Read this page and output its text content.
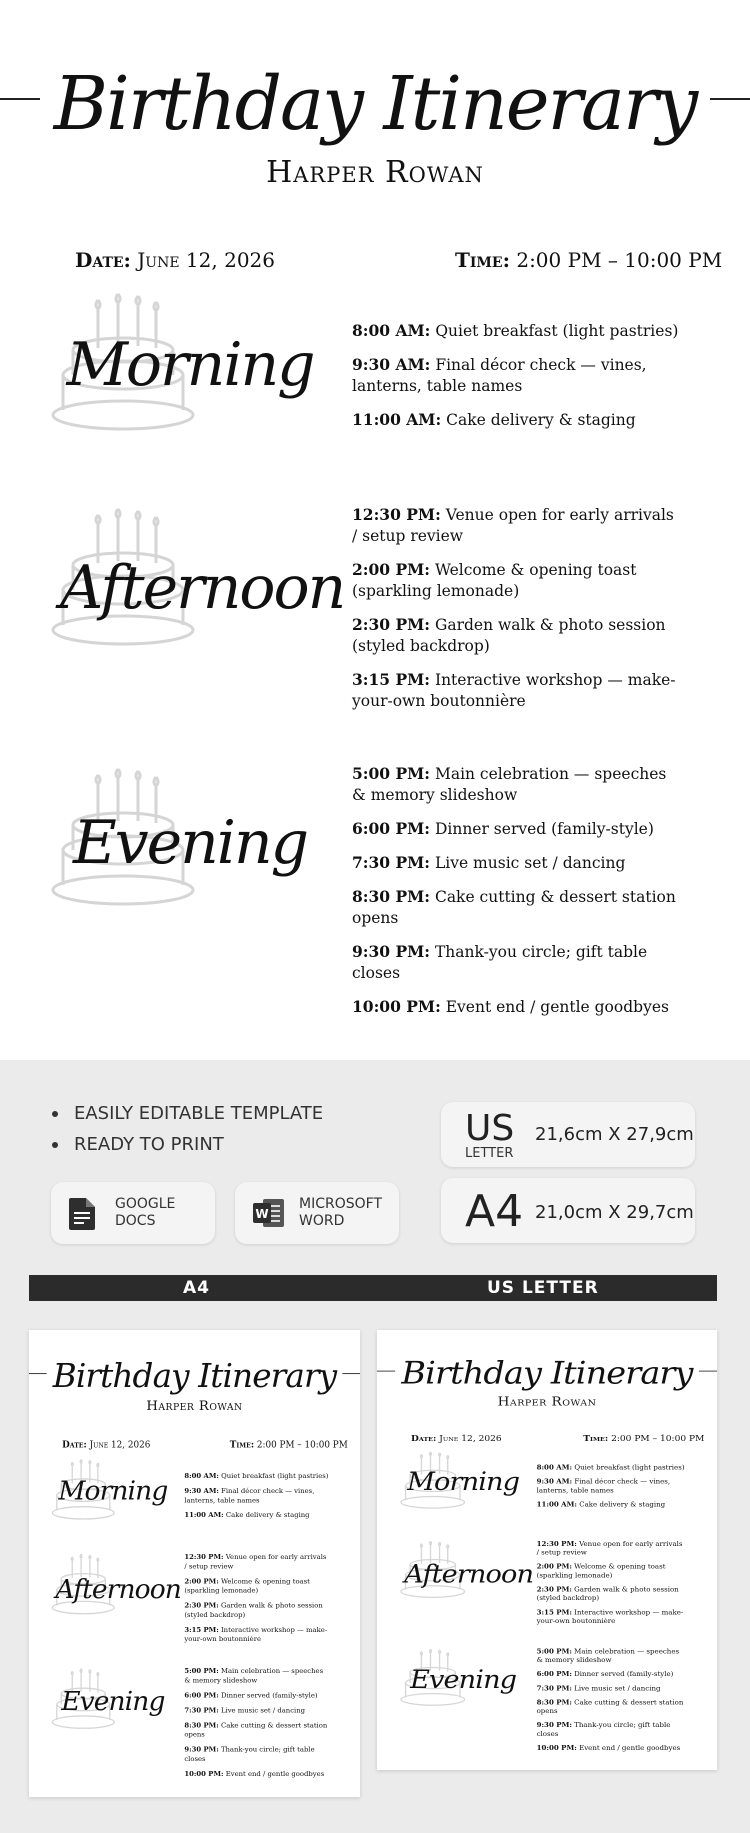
Birthday Itinerary
Harper Rowan
Date: June 12, 2026	Time: 2:00 PM – 10:00 PM
Morning	8:00 AM: Quiet breakfast (light pastries)
9:30 AM: Final décor check — vines, lanterns, table names
11:00 AM: Cake delivery & staging
Afternoon
12:30 PM: Venue open for early arrivals / setup review
2:00 PM: Welcome & opening toast (sparkling lemonade)
2:30 PM: Garden walk & photo session (styled backdrop)
3:15 PM: Interactive workshop — make-your-own boutonnière
Evening
5:00 PM: Main celebration — speeches & memory slideshow
6:00 PM: Dinner served (family-style)
7:30 PM: Live music set / dancing
8:30 PM: Cake cutting & dessert station opens
9:30 PM: Thank-you circle; gift table closes
10:00 PM: Event end / gentle goodbyes
EASILY EDITABLE TEMPLATE
READY TO PRINT
GOOGLE
DOCS	W
MICROSOFT
WORD
US
LETTER
21,6cm X 27,9cm
A4 21,0cm X 29,7cm
A4	US LETTER
Birthday Itinerary
Harper Rowan
Date: June 12, 2026	Time: 2:00 PM – 10:00 PM
Morning 8:00 AM: Quiet breakfast (light pastries)
9:30 AM: Final décor check — vines, lanterns, table names
11:00 AM: Cake delivery & staging
Afternoon
12:30 PM: Venue open for early arrivals / setup review
2:00 PM: Welcome & opening toast (sparkling lemonade)
2:30 PM: Garden walk & photo session (styled backdrop)
3:15 PM: Interactive workshop — make-your-own boutonnière
Evening
5:00 PM: Main celebration — speeches & memory slideshow
6:00 PM: Dinner served (family-style)
7:30 PM: Live music set / dancing
8:30 PM: Cake cutting & dessert station opens
9:30 PM: Thank-you circle; gift table closes
10:00 PM: Event end / gentle goodbyes
Birthday Itinerary
Harper Rowan
Date: June 12, 2026	Time: 2:00 PM – 10:00 PM
Morning 8:00 AM: Quiet breakfast (light pastries)
9:30 AM: Final décor check — vines, lanterns, table names
11:00 AM: Cake delivery & staging
Afternoon
12:30 PM: Venue open for early arrivals / setup review
2:00 PM: Welcome & opening toast (sparkling lemonade)
2:30 PM: Garden walk & photo session (styled backdrop)
3:15 PM: Interactive workshop — make-your-own boutonnière
Evening
5:00 PM: Main celebration — speeches & memory slideshow
6:00 PM: Dinner served (family-style)
7:30 PM: Live music set / dancing
8:30 PM: Cake cutting & dessert station opens
9:30 PM: Thank-you circle; gift table closes
10:00 PM: Event end / gentle goodbyes
